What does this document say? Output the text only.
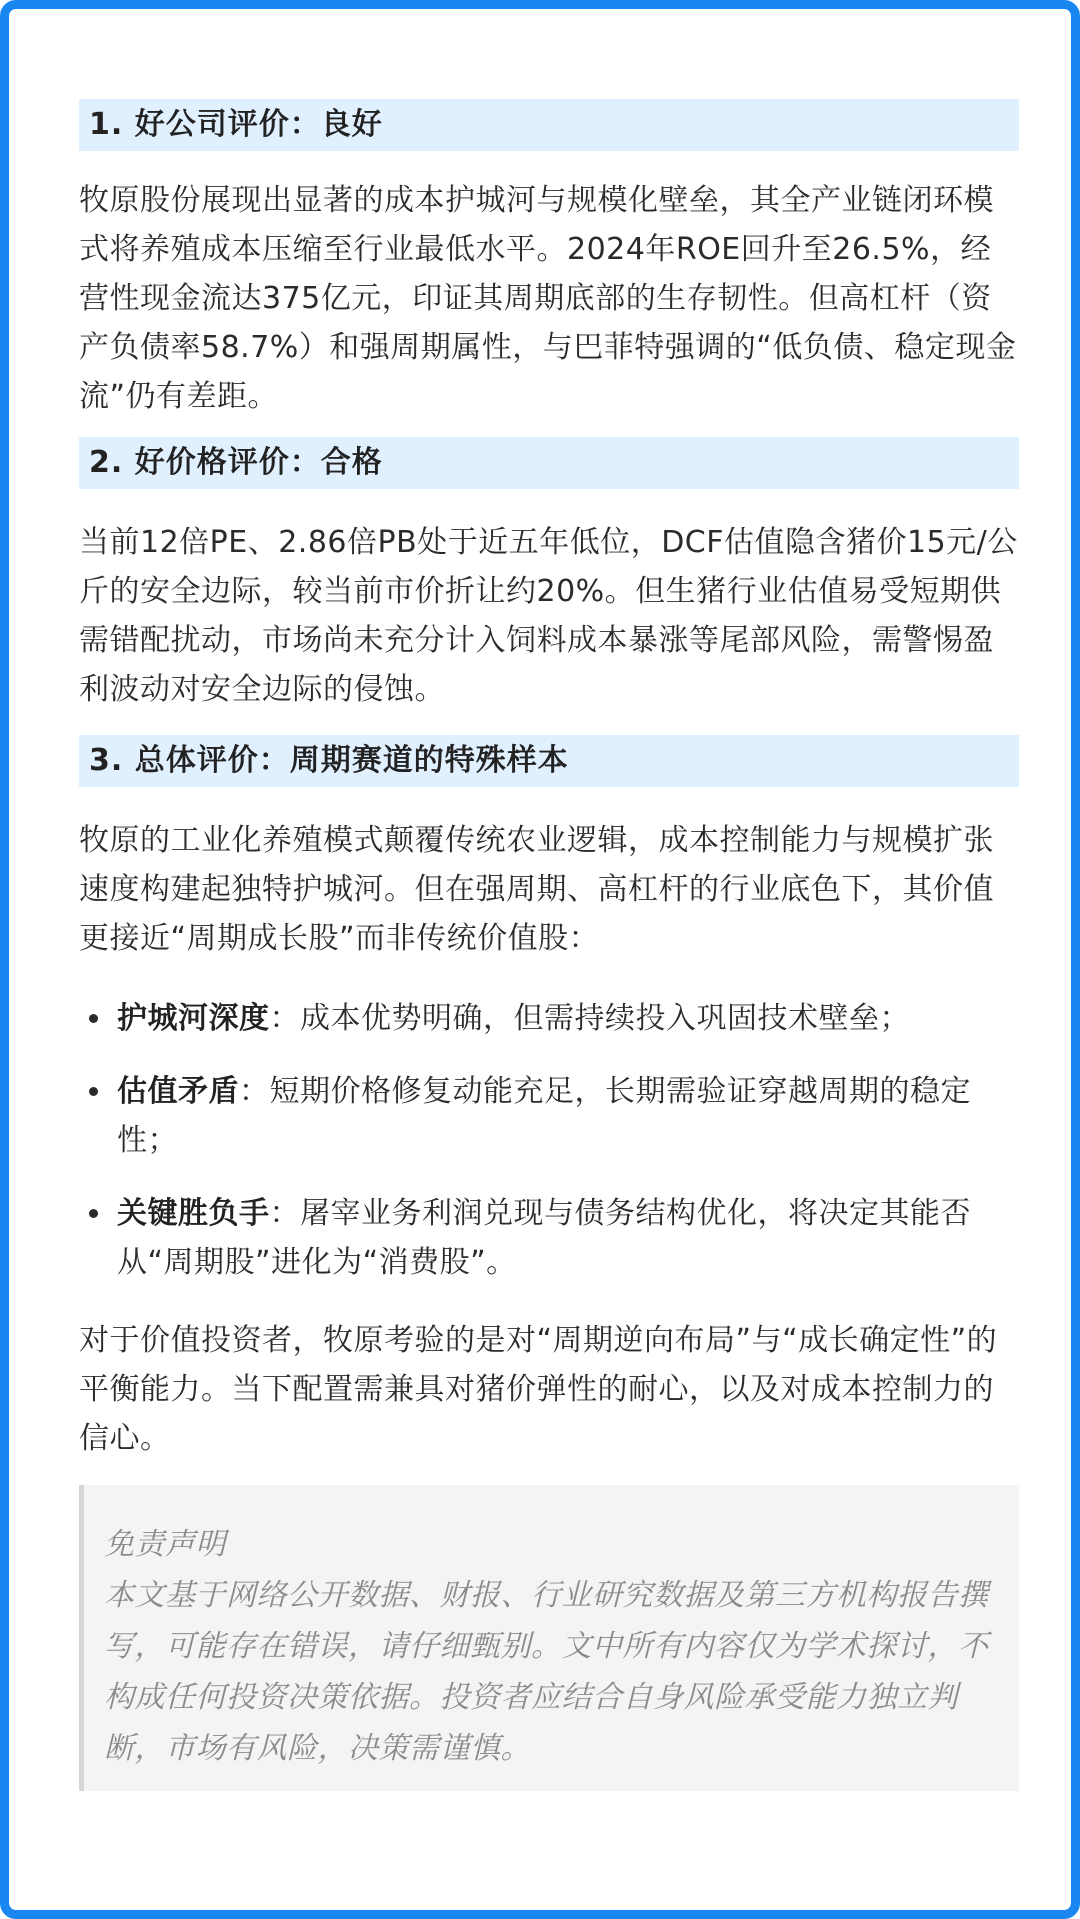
1. 好公司评价：良好

牧原股份展现出显著的成本护城河与规模化壁垒，其全产业链闭环模式将养殖成本压缩至行业最低水平。2024年ROE回升至26.5%，经营性现金流达375亿元，印证其周期底部的生存韧性。但高杠杆（资产负债率58.7%）和强周期属性，与巴菲特强调的“低负债、稳定现金流”仍有差距。

2. 好价格评价：合格

当前12倍PE、2.86倍PB处于近五年低位，DCF估值隐含猪价15元/公斤的安全边际，较当前市价折让约20%。但生猪行业估值易受短期供需错配扰动，市场尚未充分计入饲料成本暴涨等尾部风险，需警惕盈利波动对安全边际的侵蚀。

3. 总体评价：周期赛道的特殊样本

牧原的工业化养殖模式颠覆传统农业逻辑，成本控制能力与规模扩张速度构建起独特护城河。但在强周期、高杠杆的行业底色下，其价值更接近“周期成长股”而非传统价值股：

护城河深度：成本优势明确，但需持续投入巩固技术壁垒；
估值矛盾：短期价格修复动能充足，长期需验证穿越周期的稳定性；
关键胜负手：屠宰业务利润兑现与债务结构优化，将决定其能否从“周期股”进化为“消费股”。

对于价值投资者，牧原考验的是对“周期逆向布局”与“成长确定性”的平衡能力。当下配置需兼具对猪价弹性的耐心，以及对成本控制力的信心。

免责声明

本文基于网络公开数据、财报、行业研究数据及第三方机构报告撰写，可能存在错误，请仔细甄别。文中所有内容仅为学术探讨，不构成任何投资决策依据。投资者应结合自身风险承受能力独立判断，市场有风险，决策需谨慎。
